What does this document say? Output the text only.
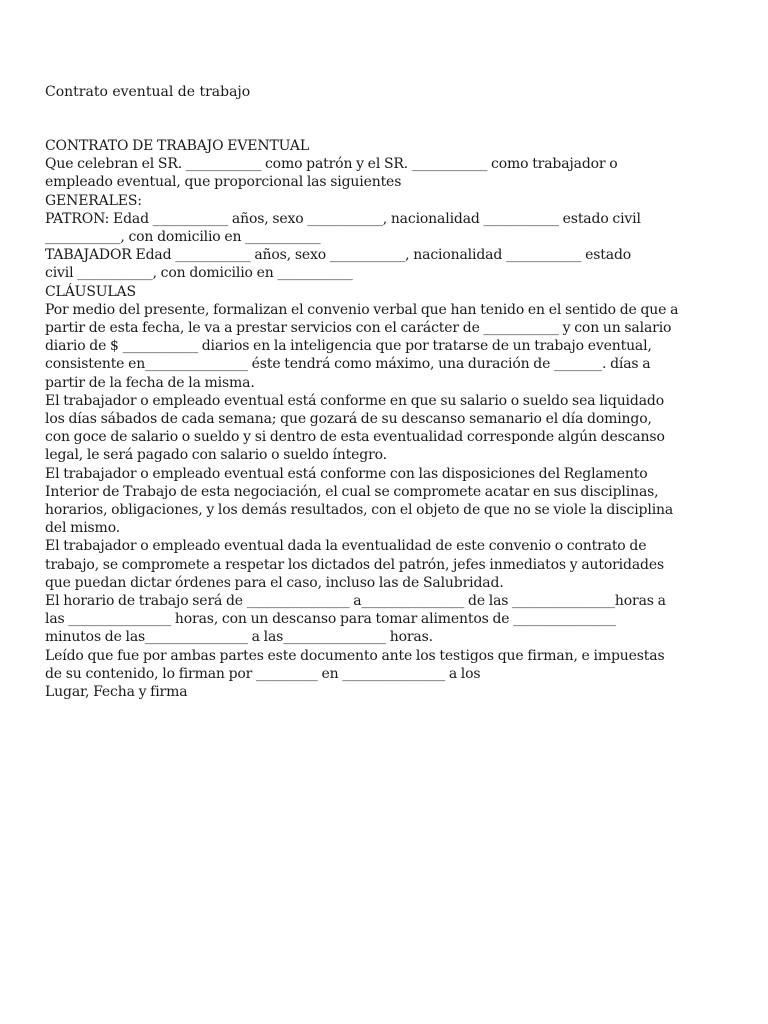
Contrato eventual de trabajo

CONTRATO DE TRABAJO EVENTUAL
Que celebran el SR. ___________ como patrón y el SR. ___________ como trabajador o
empleado eventual, que proporcional las siguientes
GENERALES:
PATRON: Edad ___________ años, sexo ___________, nacionalidad ___________ estado civil
___________, con domicilio en ___________
TABAJADOR Edad ___________ años, sexo ___________, nacionalidad ___________ estado
civil ___________, con domicilio en ___________
CLÁUSULAS
Por medio del presente, formalizan el convenio verbal que han tenido en el sentido de que a
partir de esta fecha, le va a prestar servicios con el carácter de ___________ y con un salario
diario de $ ___________ diarios en la inteligencia que por tratarse de un trabajo eventual,
consistente en_______________ éste tendrá como máximo, una duración de _______. días a
partir de la fecha de la misma.
El trabajador o empleado eventual está conforme en que su salario o sueldo sea liquidado
los días sábados de cada semana; que gozará de su descanso semanario el día domingo,
con goce de salario o sueldo y si dentro de esta eventualidad corresponde algún descanso
legal, le será pagado con salario o sueldo íntegro.
El trabajador o empleado eventual está conforme con las disposiciones del Reglamento
Interior de Trabajo de esta negociación, el cual se compromete acatar en sus disciplinas,
horarios, obligaciones, y los demás resultados, con el objeto de que no se viole la disciplina
del mismo.
El trabajador o empleado eventual dada la eventualidad de este convenio o contrato de
trabajo, se compromete a respetar los dictados del patrón, jefes inmediatos y autoridades
que puedan dictar órdenes para el caso, incluso las de Salubridad.
El horario de trabajo será de _______________ a_______________ de las _______________horas a
las _______________ horas, con un descanso para tomar alimentos de _______________
minutos de las_______________ a las_______________ horas.
Leído que fue por ambas partes este documento ante los testigos que firman, e impuestas
de su contenido, lo firman por _________ en _______________ a los
Lugar, Fecha y firma
